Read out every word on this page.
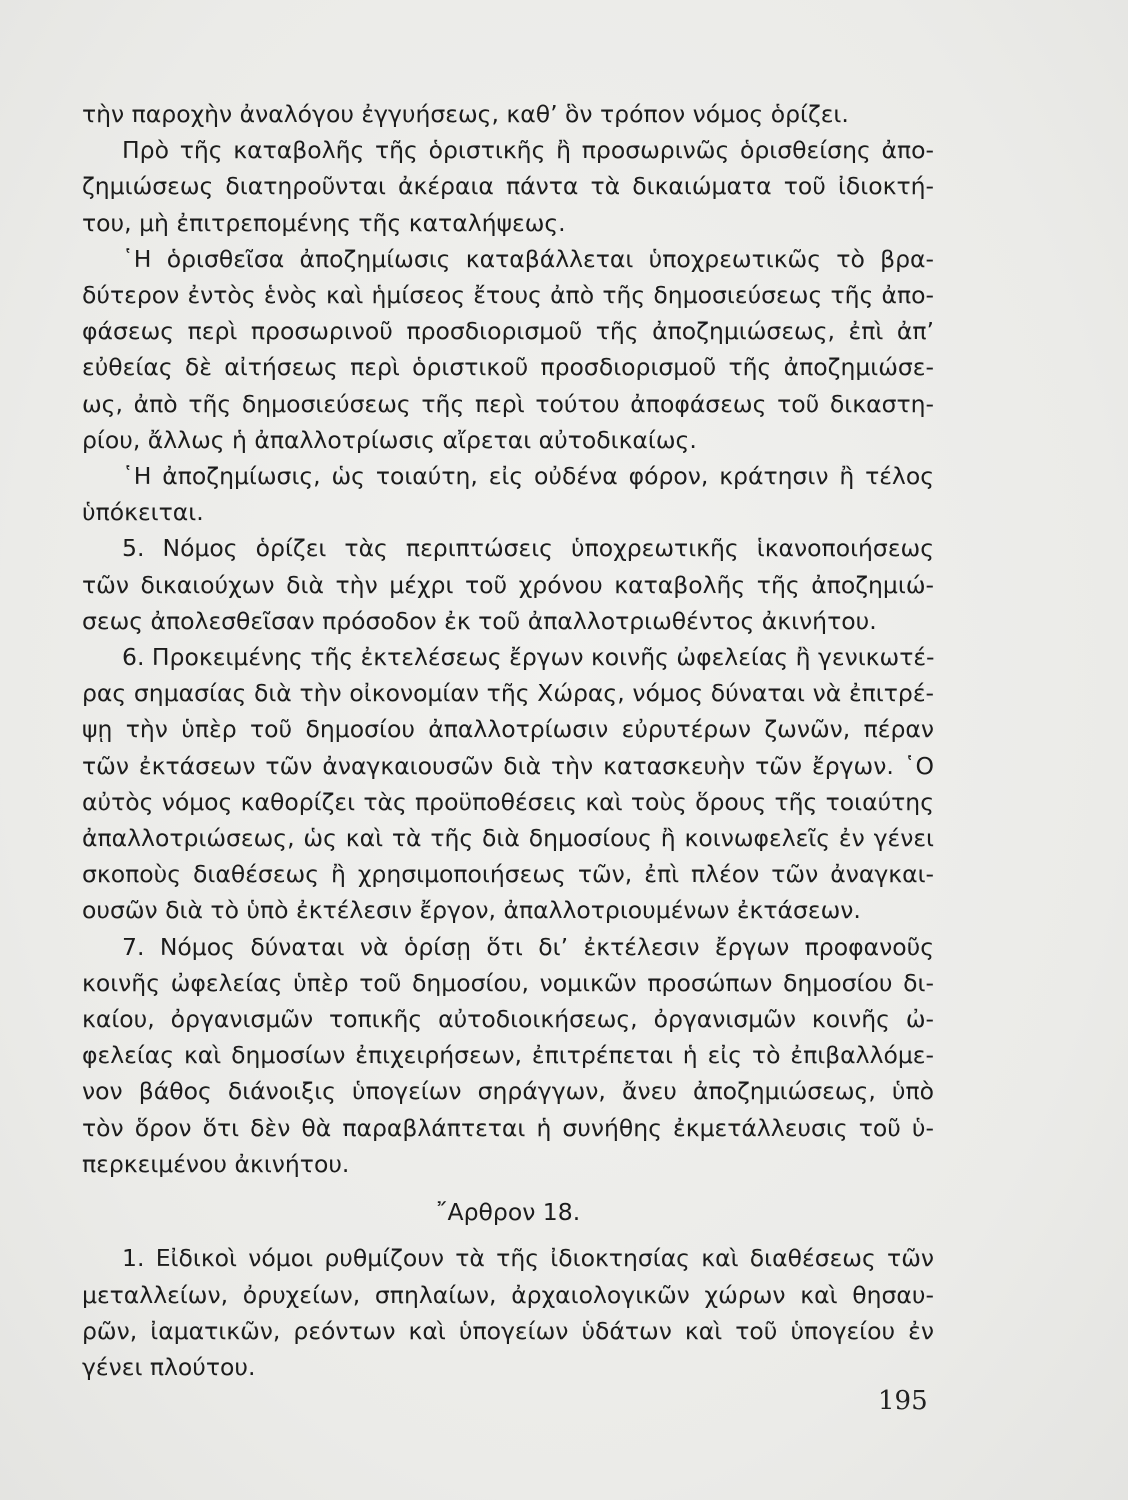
τὴν παροχὴν ἀναλόγου ἐγγυήσεως, καθ’ ὃν τρόπον νόμος ὁρίζει.

Πρὸ τῆς καταβολῆς τῆς ὁριστικῆς ἢ προσωρινῶς ὁρισθείσης ἀπο-
ζημιώσεως διατηροῦνται ἀκέραια πάντα τὰ δικαιώματα τοῦ ἰδιοκτή-
του, μὴ ἐπιτρεπομένης τῆς καταλήψεως.

῾Η ὁρισθεῖσα ἀποζημίωσις καταβάλλεται ὑποχρεωτικῶς τὸ βρα-
δύτερον ἐντὸς ἑνὸς καὶ ἡμίσεος ἔτους ἀπὸ τῆς δημοσιεύσεως τῆς ἀπο-
φάσεως περὶ προσωρινοῦ προσδιορισμοῦ τῆς ἀποζημιώσεως, ἐπὶ ἀπ’
εὐθείας δὲ αἰτήσεως περὶ ὁριστικοῦ προσδιορισμοῦ τῆς ἀποζημιώσε-
ως, ἀπὸ τῆς δημοσιεύσεως τῆς περὶ τούτου ἀποφάσεως τοῦ δικαστη-
ρίου, ἄλλως ἡ ἀπαλλοτρίωσις αἴρεται αὐτοδικαίως.

῾Η ἀποζημίωσις, ὡς τοιαύτη, εἰς οὐδένα φόρον, κράτησιν ἢ τέλος
ὑπόκειται.

5. Νόμος ὁρίζει τὰς περιπτώσεις ὑποχρεωτικῆς ἱκανοποιήσεως
τῶν δικαιούχων διὰ τὴν μέχρι τοῦ χρόνου καταβολῆς τῆς ἀποζημιώ-
σεως ἀπολεσθεῖσαν πρόσοδον ἐκ τοῦ ἀπαλλοτριωθέντος ἀκινήτου.

6. Προκειμένης τῆς ἐκτελέσεως ἔργων κοινῆς ὠφελείας ἢ γενικωτέ-
ρας σημασίας διὰ τὴν οἰκονομίαν τῆς Χώρας, νόμος δύναται νὰ ἐπιτρέ-
ψῃ τὴν ὑπὲρ τοῦ δημοσίου ἀπαλλοτρίωσιν εὐρυτέρων ζωνῶν, πέραν
τῶν ἐκτάσεων τῶν ἀναγκαιουσῶν διὰ τὴν κατασκευὴν τῶν ἔργων. ῾Ο
αὐτὸς νόμος καθορίζει τὰς προϋποθέσεις καὶ τοὺς ὅρους τῆς τοιαύτης
ἀπαλλοτριώσεως, ὡς καὶ τὰ τῆς διὰ δημοσίους ἢ κοινωφελεῖς ἐν γένει
σκοποὺς διαθέσεως ἢ χρησιμοποιήσεως τῶν, ἐπὶ πλέον τῶν ἀναγκαι-
ουσῶν διὰ τὸ ὑπὸ ἐκτέλεσιν ἔργον, ἀπαλλοτριουμένων ἐκτάσεων.

7. Νόμος δύναται νὰ ὁρίσῃ ὅτι δι’ ἐκτέλεσιν ἔργων προφανοῦς
κοινῆς ὠφελείας ὑπὲρ τοῦ δημοσίου, νομικῶν προσώπων δημοσίου δι-
καίου, ὀργανισμῶν τοπικῆς αὐτοδιοικήσεως, ὀργανισμῶν κοινῆς ὠ-
φελείας καὶ δημοσίων ἐπιχειρήσεων, ἐπιτρέπεται ἡ εἰς τὸ ἐπιβαλλόμε-
νον βάθος διάνοιξις ὑπογείων σηράγγων, ἄνευ ἀποζημιώσεως, ὑπὸ
τὸν ὅρον ὅτι δὲν θὰ παραβλάπτεται ἡ συνήθης ἐκμετάλλευσις τοῦ ὑ-
περκειμένου ἀκινήτου.

῎Αρθρον 18.

1. Εἰδικοὶ νόμοι ρυθμίζουν τὰ τῆς ἰδιοκτησίας καὶ διαθέσεως τῶν
μεταλλείων, ὀρυχείων, σπηλαίων, ἀρχαιολογικῶν χώρων καὶ θησαυ-
ρῶν, ἰαματικῶν, ρεόντων καὶ ὑπογείων ὑδάτων καὶ τοῦ ὑπογείου ἐν
γένει πλούτου.

195
